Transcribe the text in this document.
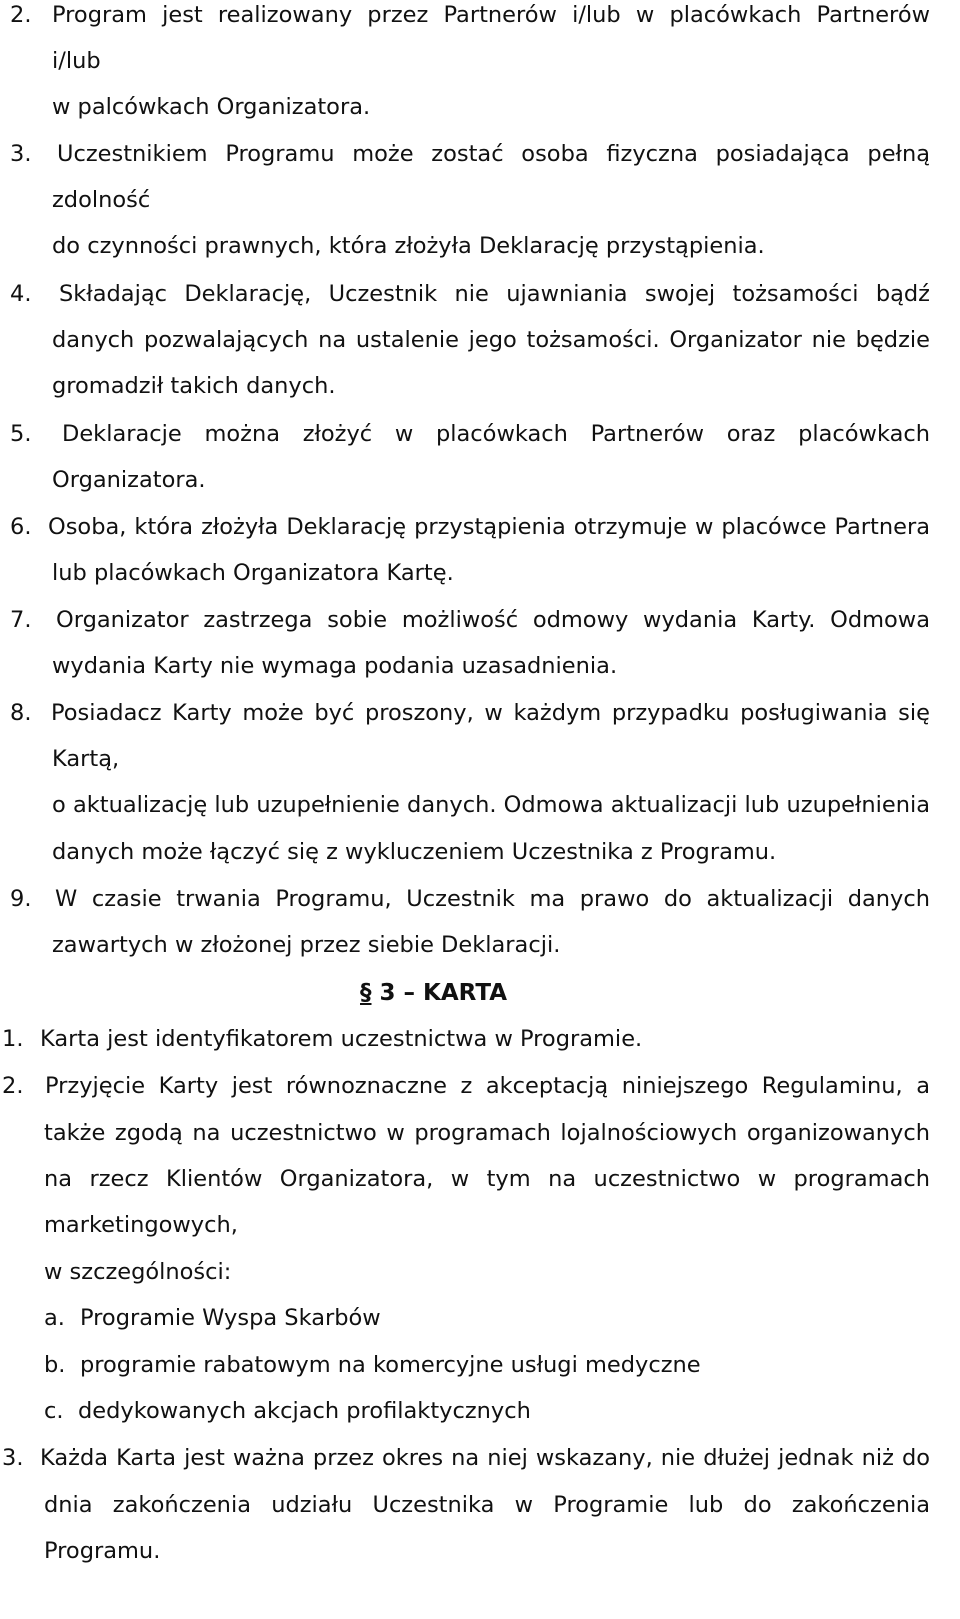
2. Program jest realizowany przez Partnerów i/lub w placówkach Partnerów
i/lub
w palcówkach Organizatora.
3. Uczestnikiem Programu może zostać osoba fizyczna posiadająca pełną
zdolność
do czynności prawnych, która złożyła Deklarację przystąpienia.
4. Składając Deklarację, Uczestnik nie ujawniania swojej tożsamości bądź
danych pozwalających na ustalenie jego tożsamości. Organizator nie będzie
gromadził takich danych.
5. Deklaracje można złożyć w placówkach Partnerów oraz placówkach
Organizatora.
6. Osoba, która złożyła Deklarację przystąpienia otrzymuje w placówce Partnera
lub placówkach Organizatora Kartę.
7. Organizator zastrzega sobie możliwość odmowy wydania Karty. Odmowa
wydania Karty nie wymaga podania uzasadnienia.
8. Posiadacz Karty może być proszony, w każdym przypadku posługiwania się
Kartą,
o aktualizację lub uzupełnienie danych. Odmowa aktualizacji lub uzupełnienia
danych może łączyć się z wykluczeniem Uczestnika z Programu.
9. W czasie trwania Programu, Uczestnik ma prawo do aktualizacji danych
zawartych w złożonej przez siebie Deklaracji.
§ 3 – KARTA
1. Karta jest identyfikatorem uczestnictwa w Programie.
2. Przyjęcie Karty jest równoznaczne z akceptacją niniejszego Regulaminu, a
także zgodą na uczestnictwo w programach lojalnościowych organizowanych
na rzecz Klientów Organizatora, w tym na uczestnictwo w programach
marketingowych,
w szczególności:
a. Programie Wyspa Skarbów
b. programie rabatowym na komercyjne usługi medyczne
c. dedykowanych akcjach profilaktycznych
3. Każda Karta jest ważna przez okres na niej wskazany, nie dłużej jednak niż do
dnia zakończenia udziału Uczestnika w Programie lub do zakończenia
Programu.
